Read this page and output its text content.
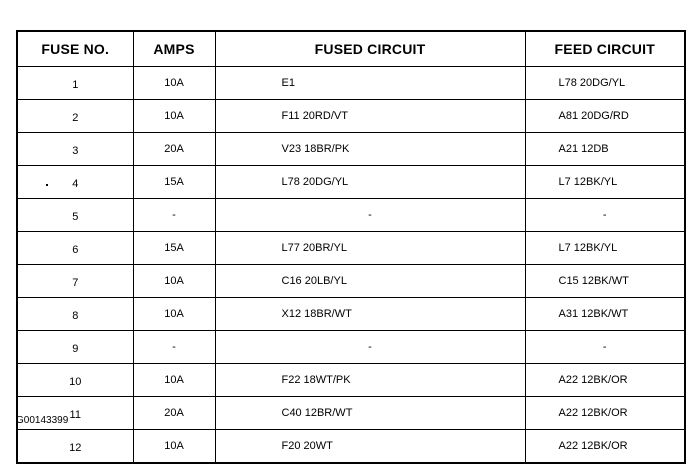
FUSE NO.	AMPS	FUSED CIRCUIT	FEED CIRCUIT
1	10A	E1	L78 20DG/YL
2	10A	F11 20RD/VT	A81 20DG/RD
3	20A	V23 18BR/PK	A21 12DB
4	15A	L78 20DG/YL	L7 12BK/YL
5	-	-	-
6	15A	L77 20BR/YL	L7 12BK/YL
7	10A	C16 20LB/YL	C15 12BK/WT
8	10A	X12 18BR/WT	A31 12BK/WT
9	-	-	-
10	10A	F22 18WT/PK	A22 12BK/OR
11	20A	C40 12BR/WT	A22 12BK/OR
12	10A	F20 20WT	A22 12BK/OR
G00143399
